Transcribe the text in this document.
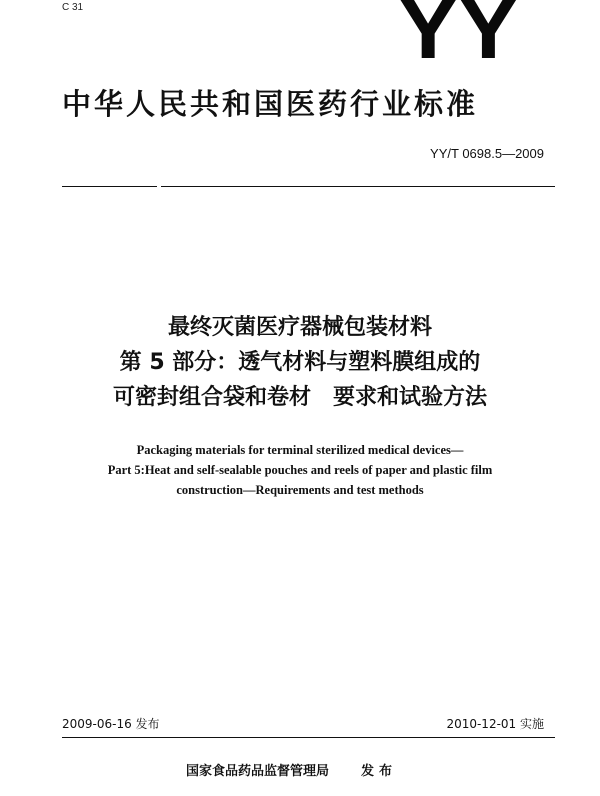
C 31	YY
中华人民共和国医药行业标准
YY/T 0698.5—2009
最终灭菌医疗器械包装材料
第 5 部分：透气材料与塑料膜组成的
可密封组合袋和卷材　要求和试验方法
Packaging materials for terminal sterilized medical devices—
Part 5:Heat and self-sealable pouches and reels of paper and plastic film
construction—Requirements and test methods
2009-06-16 发布	2010-12-01 实施
国家食品药品监督管理局 发布
